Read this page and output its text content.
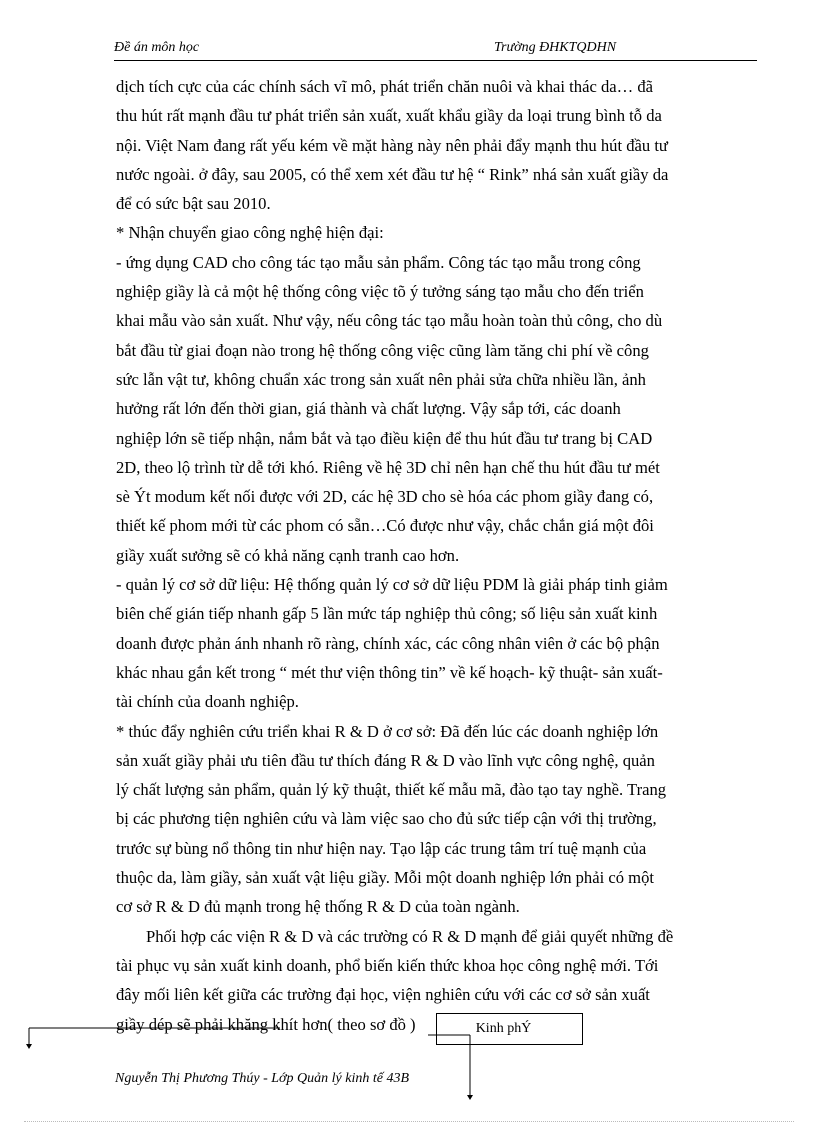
Đề án môn học	Trường ĐHKTQDHN
dịch tích cực của các chính sách vĩ mô, phát triển chăn nuôi và khai thác da… đã
thu hút rất mạnh đầu tư phát triển sản xuất, xuất khẩu giầy da loại trung bình tỗ da
nội. Việt Nam đang rất yếu kém về mặt hàng này nên phải đẩy mạnh thu hút đầu tư
nước ngoài. ở đây, sau 2005, có thể xem xét đầu tư hệ “ Rink” nhá sản xuất giầy da
để có sức bật sau 2010.
* Nhận chuyển giao công nghệ hiện đại:
- ứng dụng CAD cho công tác tạo mẫu sản phẩm. Công tác tạo mẫu trong công
nghiệp giầy là cả một hệ thống công việc tõ ý tưởng sáng tạo mẫu cho đến triển
khai mẫu vào sản xuất. Như vậy, nếu công tác tạo mẫu hoàn toàn thủ công, cho dù
bắt đầu từ giai đoạn nào trong hệ thống công việc cũng làm tăng chi phí về công
sức lẫn vật tư, không chuẩn xác trong sản xuất nên phải sửa chữa nhiều lần, ảnh
hưởng rất lớn đến thời gian, giá thành và chất lượng. Vậy sắp tới, các doanh
nghiệp lớn sẽ tiếp nhận, nắm bắt và tạo điều kiện để thu hút đầu tư trang bị CAD
2D, theo lộ trình từ dễ tới khó. Riêng về hệ 3D chỉ nên hạn chế thu hút đầu tư mét
sè Ýt modum kết nối được với 2D, các hệ 3D cho sè hóa các phom giầy đang có,
thiết kế phom mới từ các phom có sẵn…Có được như vậy, chắc chắn giá một đôi
giầy xuất sưởng sẽ có khả năng cạnh tranh cao hơn.
- quản lý cơ sở dữ liệu: Hệ thống quản lý cơ sở dữ liệu PDM là giải pháp tinh giảm
biên chế gián tiếp nhanh gấp 5 lần mức táp nghiệp thủ công; số liệu sản xuất kinh
doanh được phản ánh nhanh rõ ràng, chính xác, các công nhân viên ở các bộ phận
khác nhau gắn kết trong “ mét thư viện thông tin” về kế hoạch- kỹ thuật- sản xuất-
tài chính của doanh nghiệp.
* thúc đẩy nghiên cứu triển khai R & D ở cơ sở: Đã đến lúc các doanh nghiệp lớn
sản xuất giầy phải ưu tiên đầu tư thích đáng R & D vào lĩnh vực công nghệ, quản
lý chất lượng sản phẩm, quản lý kỹ thuật, thiết kế mẫu mã, đào tạo tay nghề. Trang
bị các phương tiện nghiên cứu và làm việc sao cho đủ sức tiếp cận với thị trường,
trước sự bùng nổ thông tin như hiện nay. Tạo lập các trung tâm trí tuệ mạnh của
thuộc da, làm giầy, sản xuất vật liệu giầy. Mỗi một doanh nghiệp lớn phải có một
cơ sở R & D đủ mạnh trong hệ thống R & D của toàn ngành.
Phối hợp các viện R & D và các trường có R & D mạnh để giải quyết những đề
tài phục vụ sản xuất kinh doanh, phổ biến kiến thức khoa học công nghệ mới. Tới
đây mối liên kết giữa các trường đại học, viện nghiên cứu với các cơ sở sản xuất
giầy dép sẽ phải khăng khít hơn( theo sơ đồ )	Kinh phÝ
Nguyễn Thị Phương Thúy - Lớp Quản lý kinh tế 43B
